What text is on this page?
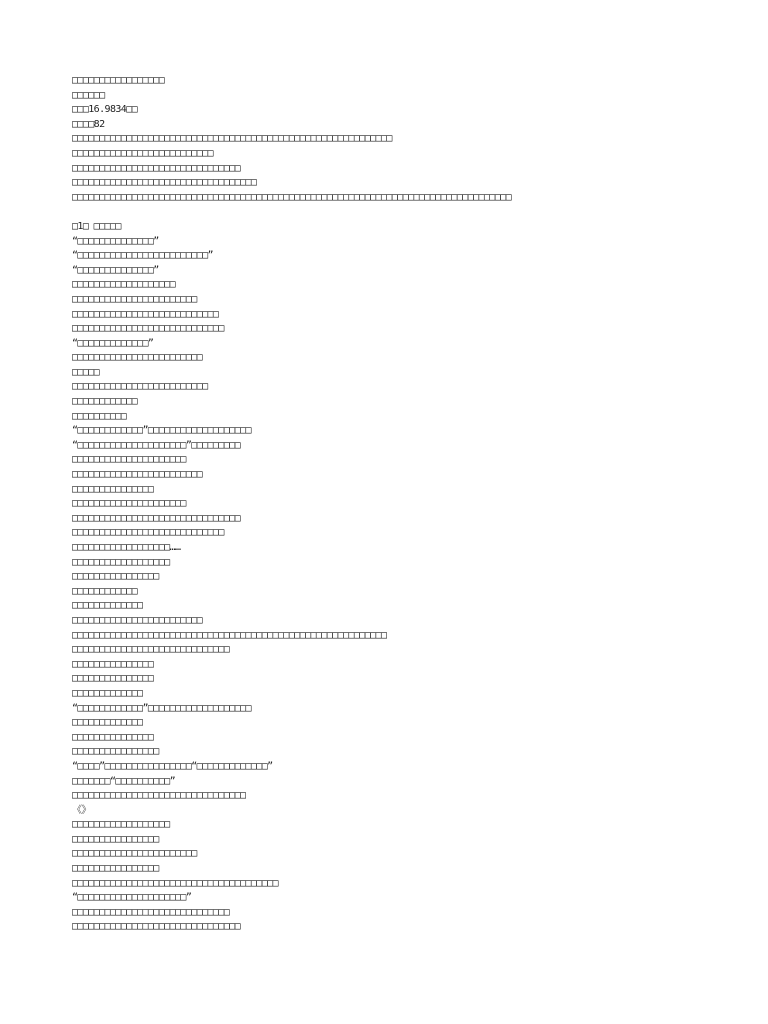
□□□□□□□□□□□□□□□□□
□□□□□□
□□□16.9834□□
□□□□82
□□□□□□□□□□□□□□□□□□□□□□□□□□□□□□□□□□□□□□□□□□□□□□□□□□□□□□□□□□□
□□□□□□□□□□□□□□□□□□□□□□□□□□
□□□□□□□□□□□□□□□□□□□□□□□□□□□□□□□
□□□□□□□□□□□□□□□□□□□□□□□□□□□□□□□□□□
□□□□□□□□□□□□□□□□□□□□□□□□□□□□□□□□□□□□□□□□□□□□□□□□□□□□□□□□□□□□□□□□□□□□□□□□□□□□□□□□□
□1□ □□□□□
“□□□□□□□□□□□□□□”
“□□□□□□□□□□□□□□□□□□□□□□□□”
“□□□□□□□□□□□□□□”
□□□□□□□□□□□□□□□□□□□
□□□□□□□□□□□□□□□□□□□□□□□
□□□□□□□□□□□□□□□□□□□□□□□□□□□
□□□□□□□□□□□□□□□□□□□□□□□□□□□□
“□□□□□□□□□□□□□”
□□□□□□□□□□□□□□□□□□□□□□□□
□□□□□
□□□□□□□□□□□□□□□□□□□□□□□□□
□□□□□□□□□□□□
□□□□□□□□□□
“□□□□□□□□□□□□”□□□□□□□□□□□□□□□□□□□
“□□□□□□□□□□□□□□□□□□□□”□□□□□□□□□
□□□□□□□□□□□□□□□□□□□□□
□□□□□□□□□□□□□□□□□□□□□□□□
□□□□□□□□□□□□□□□
□□□□□□□□□□□□□□□□□□□□□
□□□□□□□□□□□□□□□□□□□□□□□□□□□□□□□
□□□□□□□□□□□□□□□□□□□□□□□□□□□□
□□□□□□□□□□□□□□□□□□……
□□□□□□□□□□□□□□□□□□
□□□□□□□□□□□□□□□□
□□□□□□□□□□□□
□□□□□□□□□□□□□
□□□□□□□□□□□□□□□□□□□□□□□□
□□□□□□□□□□□□□□□□□□□□□□□□□□□□□□□□□□□□□□□□□□□□□□□□□□□□□□□□□□
□□□□□□□□□□□□□□□□□□□□□□□□□□□□□
□□□□□□□□□□□□□□□
□□□□□□□□□□□□□□□
□□□□□□□□□□□□□
“□□□□□□□□□□□□”□□□□□□□□□□□□□□□□□□□
□□□□□□□□□□□□□
□□□□□□□□□□□□□□□
□□□□□□□□□□□□□□□□
“□□□□”□□□□□□□□□□□□□□□□“□□□□□□□□□□□□□”
□□□□□□□“□□□□□□□□□□”
□□□□□□□□□□□□□□□□□□□□□□□□□□□□□□□□
《》
□□□□□□□□□□□□□□□□□□
□□□□□□□□□□□□□□□□
□□□□□□□□□□□□□□□□□□□□□□□
□□□□□□□□□□□□□□□□
□□□□□□□□□□□□□□□□□□□□□□□□□□□□□□□□□□□□□□
“□□□□□□□□□□□□□□□□□□□□”
□□□□□□□□□□□□□□□□□□□□□□□□□□□□□
□□□□□□□□□□□□□□□□□□□□□□□□□□□□□□□
